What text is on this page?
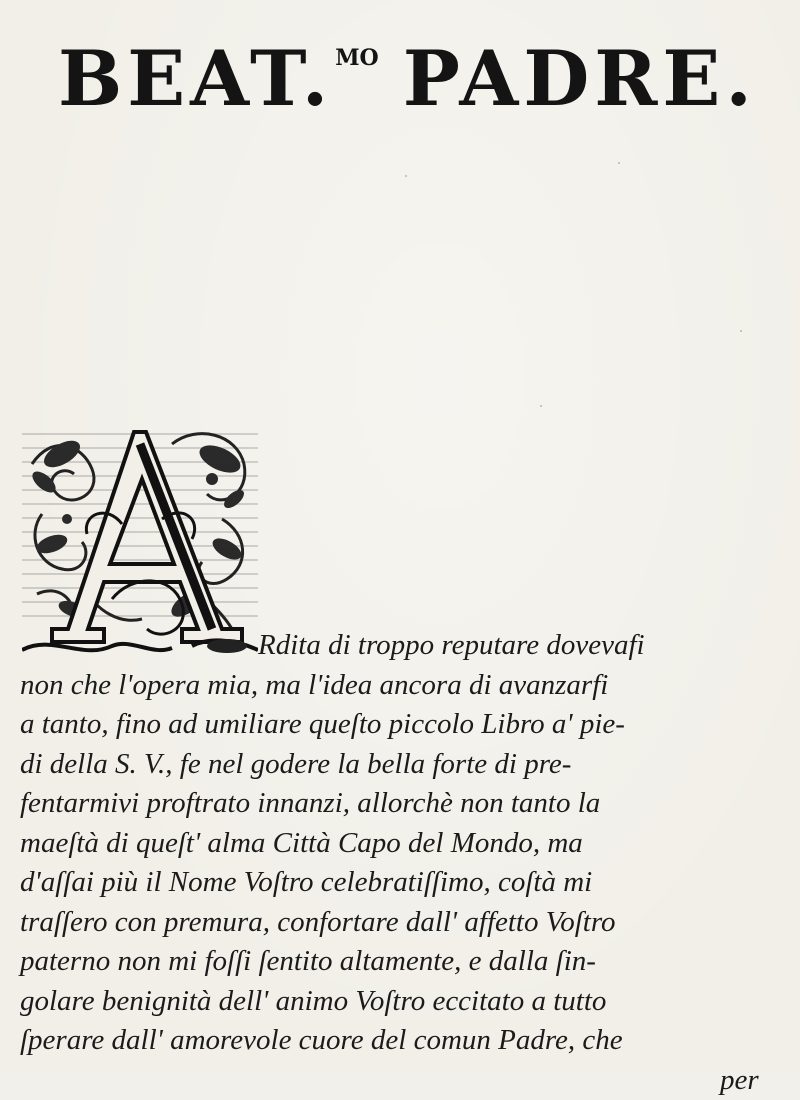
BEAT.$^{MO}$ PADRE.
Rdita di troppo reputare dovevafi
non che l'opera mia, ma l'idea ancora di avanzarfi
a tanto, fino ad umiliare queſto piccolo Libro a' pie-
di della S. V., fe nel godere la bella forte di pre-
fentarmivi proftrato innanzi, allorchè non tanto la
maeſtà di queſt' alma Città Capo del Mondo, ma
d'aſſai più il Nome Voſtro celebratiſſimo, coſtà mi
traſſero con premura, confortare dall' affetto Voſtro
paterno non mi foſſi ſentito altamente, e dalla ſin-
golare benignità dell' animo Voſtro eccitato a tutto
ſperare dall' amorevole cuore del comun Padre, che
per
